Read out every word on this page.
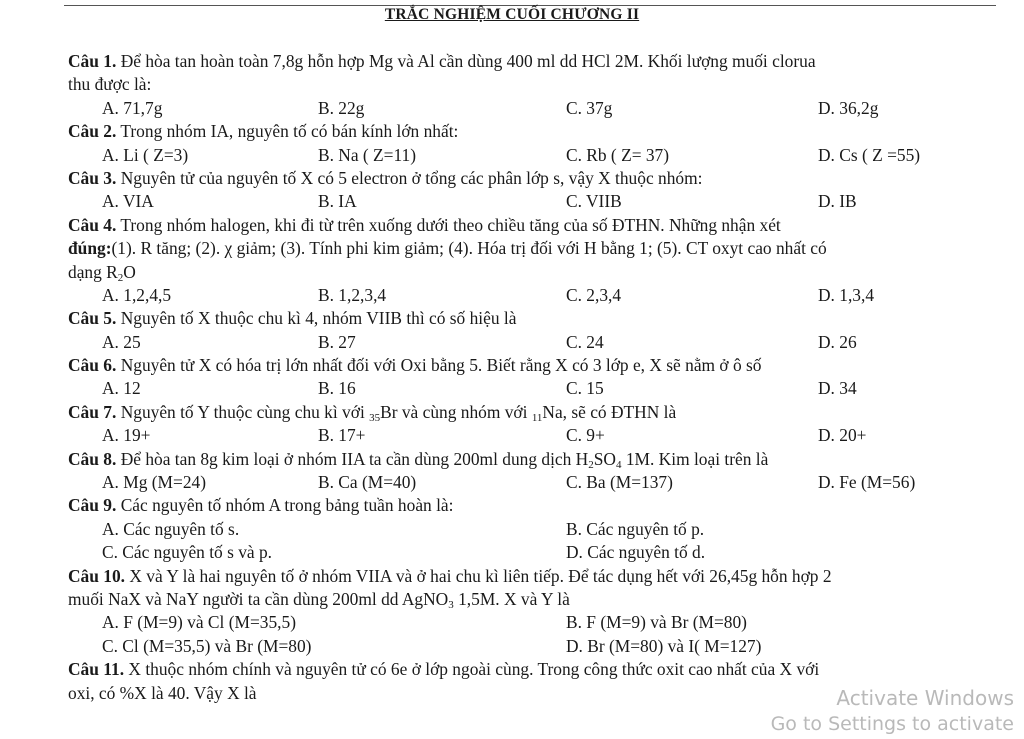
TRẮC NGHIỆM CUỐI CHƯƠNG II
Câu 1. Để hòa tan hoàn toàn 7,8g hỗn hợp Mg và Al cần dùng 400 ml dd HCl 2M. Khối lượng muối clorua
thu được là:
A. 71,7g	B. 22g	C. 37g	D. 36,2g
Câu 2. Trong nhóm IA, nguyên tố có bán kính lớn nhất:
A. Li ( Z=3)	B. Na ( Z=11)	C. Rb ( Z= 37)	D. Cs ( Z =55)
Câu 3. Nguyên tử của nguyên tố X có 5 electron ở tổng các phân lớp s, vậy X thuộc nhóm:
A. VIA	B. IA	C. VIIB	D. IB
Câu 4. Trong nhóm halogen, khi đi từ trên xuống dưới theo chiều tăng của số ĐTHN. Những nhận xét
đúng:(1). R tăng; (2). χ giảm; (3). Tính phi kim giảm; (4). Hóa trị đối với H bằng 1; (5). CT oxyt cao nhất có
dạng $R_2O$
A. 1,2,4,5	B. 1,2,3,4	C. 2,3,4	D. 1,3,4
Câu 5. Nguyên tố X thuộc chu kì 4, nhóm VIIB thì có số hiệu là
A. 25	B. 27	C. 24	D. 26
Câu 6. Nguyên tử X có hóa trị lớn nhất đối với Oxi bằng 5. Biết rằng X có 3 lớp e, X sẽ nằm ở ô số
A. 12	B. 16	C. 15	D. 34
Câu 7. Nguyên tố Y thuộc cùng chu kì với $_{35}$Br và cùng nhóm với $_{11}$Na, sẽ có ĐTHN là
A. 19+	B. 17+	C. 9+	D. 20+
Câu 8. Để hòa tan 8g kim loại ở nhóm IIA ta cần dùng 200ml dung dịch $H_2SO_4$ 1M. Kim loại trên là
A. Mg (M=24)	B. Ca (M=40)	C. Ba (M=137)	D. Fe (M=56)
Câu 9. Các nguyên tố nhóm A trong bảng tuần hoàn là:
A. Các nguyên tố s.	B. Các nguyên tố p.
C. Các nguyên tố s và p.	D. Các nguyên tố d.
Câu 10. X và Y là hai nguyên tố ở nhóm VIIA và ở hai chu kì liên tiếp. Để tác dụng hết với 26,45g hỗn hợp 2
muối NaX và NaY người ta cần dùng 200ml dd AgNO$_3$ 1,5M. X và Y là
A. F (M=9) và Cl (M=35,5)	B. F (M=9) và Br (M=80)
C. Cl (M=35,5) và Br (M=80)	D. Br (M=80) và I( M=127)
Câu 11. X thuộc nhóm chính và nguyên tử có 6e ở lớp ngoài cùng. Trong công thức oxit cao nhất của X với
oxi, có %X là 40. Vậy X là	Activate Windows
Go to Settings to activate
